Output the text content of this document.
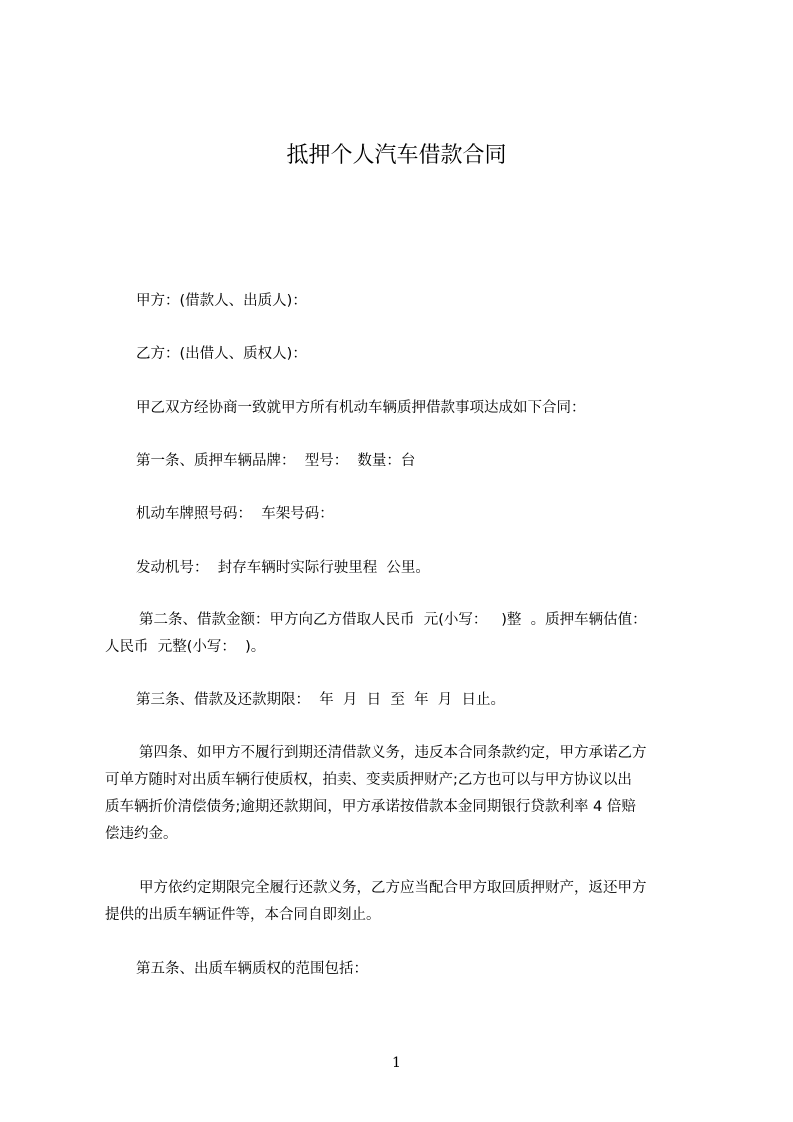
抵押个人汽车借款合同
甲方：(借款人、出质人)：
乙方：(出借人、质权人)：
甲乙双方经协商一致就甲方所有机动车辆质押借款事项达成如下合同：
第一条、质押车辆品牌：  型号：  数量：台
机动车牌照号码：  车架号码：
发动机号：  封存车辆时实际行驶里程  公里。
第二条、借款金额：甲方向乙方借取人民币  元(小写：   )整  。质押车辆估值：
人民币  元整(小写：  )。
第三条、借款及还款期限：  年  月  日  至  年  月  日止。
第四条、如甲方不履行到期还清借款义务，违反本合同条款约定，甲方承诺乙方
可单方随时对出质车辆行使质权，拍卖、变卖质押财产;乙方也可以与甲方协议以出
质车辆折价清偿债务;逾期还款期间，甲方承诺按借款本金同期银行贷款利率 4 倍赔
偿违约金。
甲方依约定期限完全履行还款义务，乙方应当配合甲方取回质押财产，返还甲方
提供的出质车辆证件等，本合同自即刻止。
第五条、出质车辆质权的范围包括：
1
